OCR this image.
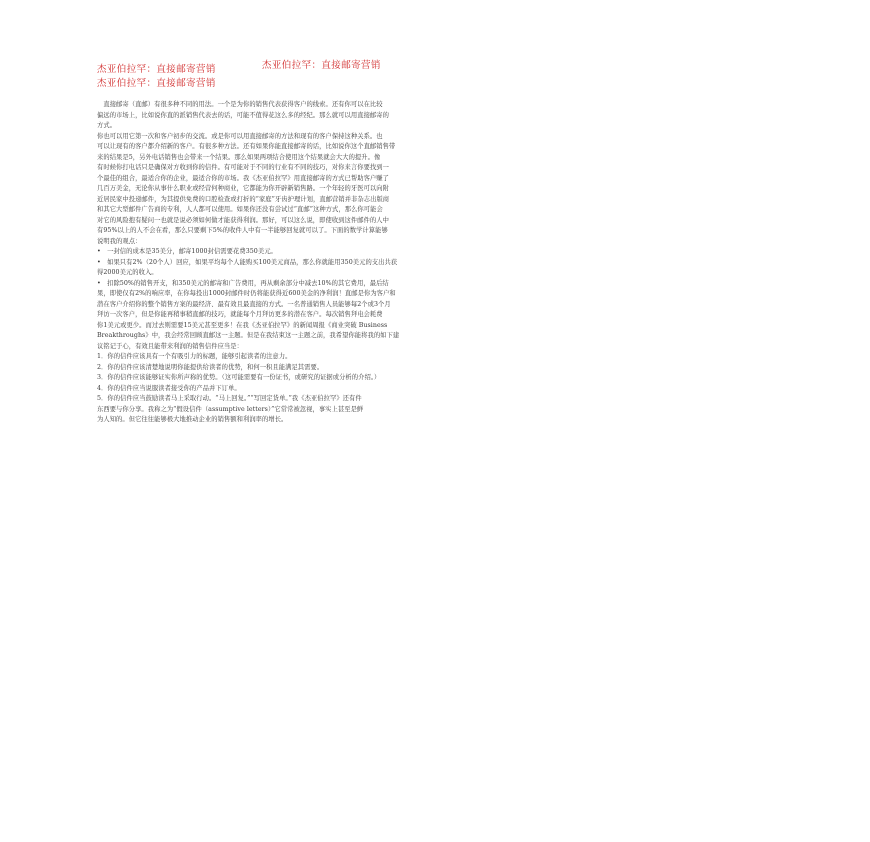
杰亚伯拉罕：直接邮寄营销	杰亚伯拉罕：直接邮寄营销
杰亚伯拉罕：直接邮寄营销
　直接邮寄（直邮）有很多种不同的用法。一个是为你的销售代表获得客户的线索。还有你可以在比较
偏远的市场上，比如说你直的派销售代表去的话，可能不值得花这么多的经纪。那么就可以用直接邮寄的
方式。
你也可以用它第一次和客户初步的交流。或是你可以用直接邮寄的方法和现有的客户保持这种关系。也
可以让现有的客户都介绍新的客户。有很多种方法。还有如果你能直接邮寄的话，比如说你这个直邮销售带
来的结果是5，另外电话销售也会带来一个结果。那么如果两项结合使用这个结果就会大大的提升。像
有时候你打电话只是确保对方收到你的信件。有可能对于不同的行业有不同的技巧，对你来言你要找到一
个最佳的组合，最适合你的企业，最适合你的市场。我《杰亚伯拉罕》用直接邮寄的方式已帮助客户赚了
几百万美金，无论你从事什么职业或经营何种商业，它都能为你开辟新销售路。一个年轻的牙医可以向附
近居民家中投递邮件，为其提供免费的口腔检查或打折的“家庭”牙齿护理计划，直邮营销并非杂志出版商
和其它大型邮件广告商的专利，人人都可以使用。如果你还没有尝试过“直邮”这种方式，那么你可能会
对它的风险抱有疑问一也就是说必须如何做才能获得利润。那好，可以这么说，即使收到这件邮件的人中
有95%以上的人不会在看，那么只要剩下5%的收件人中有一半能够回复就可以了。下面的数学计算能够
说明我的观点：
•　一封信的成本是35美分，邮寄1000封信需要花费350美元。
•　如果只有2%（20个人）回应，如果平均每个人能购买100美元商品，那么你就能用350美元的支出共获
得2000美元的收入。
•　扣除50%的销售开支，和350美元的邮寄和广告费用，再从剩余部分中减去10%的其它费用，最后结
果，即使仅有2%的响应率，在你每投出1000封邮件时仍将能获得近600美金的净利润！直邮是你为客户和
潜在客户介绍你的整个销售方案的最经济、最有效且最直接的方式。一名普通销售人员能够每2个或3个月
拜访一次客户，但是你能再稍事稍直邮的技巧，就能每个月拜访更多的潜在客户。每次销售拜电会耗费
你1美元或更少。而过去则需要15美元甚至更多！在我《杰亚伯拉罕》的新闻周报《商业突破 Business
Breakthroughs》中，我会经常回顾直邮这一主题。但是在我结束这一主题之前，我希望你能将我的如下建
议铭记于心，有效且能带来利润的销售信件应当是：
1．你的信件应该具有一个有吸引力的标题，能够引起读者的注意力。
2．你的信件应该清楚地说明你能提供给读者的优势，和何一积且能满足其需要。
3．你的信件应该能够证实你所声称的优势。（这可能需要有一份证书，或研究的证据或分析的介绍。）
4．你的信件应当说服读者接受你的产品并下订单。
5．你的信件应当鼓励读者马上采取行动。“马上回复。”“写回定货单。”我《杰亚伯拉罕》还有件
东西要与你分享。我称之为“假设信件（assumptive letters）”它常常被忽视，事实上甚至是鲜
为人知的。但它往往能够极大地推动企业的销售额和利润率的增长。
